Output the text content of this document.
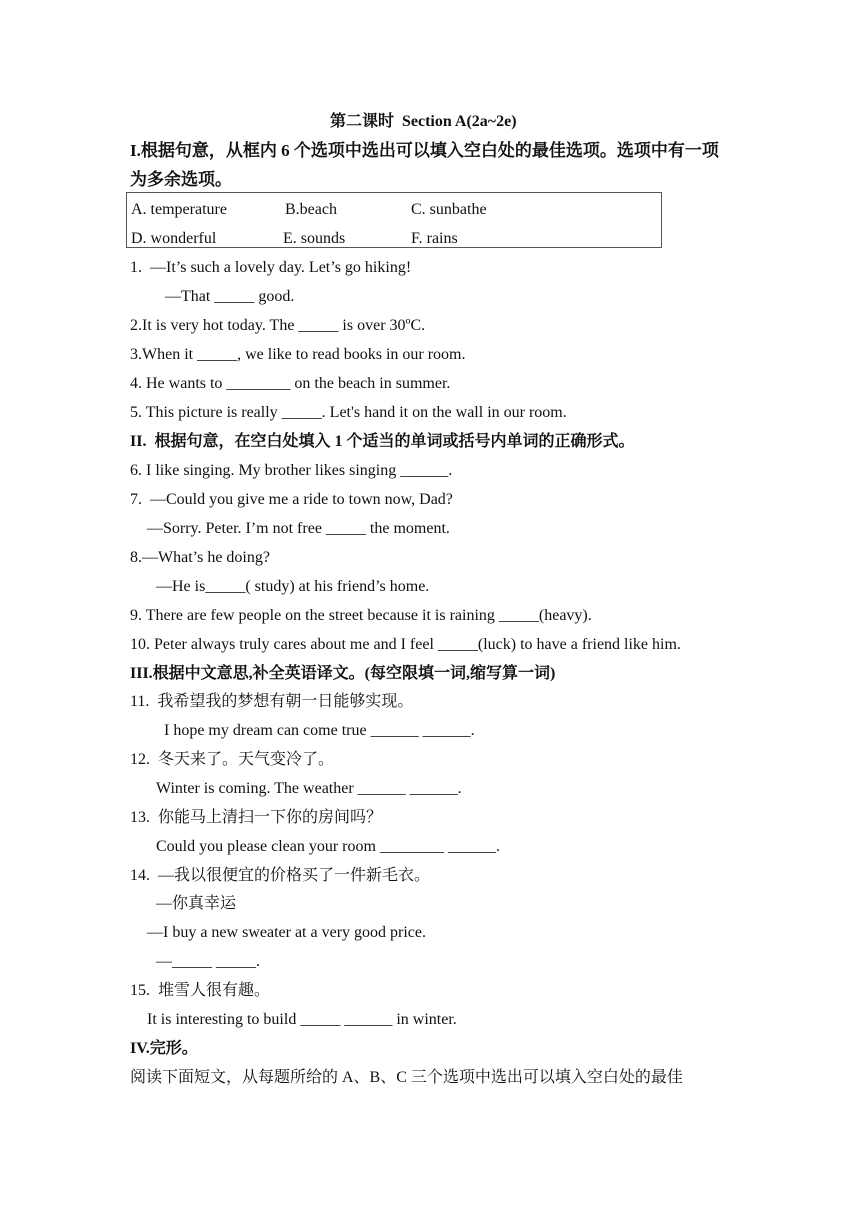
第二课时  Section A(2a~2e)
I.根据句意，从框内 6 个选项中选出可以填入空白处的最佳选项。选项中有一项
为多余选项。
A. temperature	B.beach	C. sunbathe
D. wonderful	E. sounds	F. rains
1.  —It’s such a lovely day. Let’s go hiking!
—That _____ good.
2.It is very hot today. The _____ is over 30ºC.
3.When it _____, we like to read books in our room.
4. He wants to ________ on the beach in summer.
5. This picture is really _____. Let's hand it on the wall in our room.
II.  根据句意，在空白处填入 1 个适当的单词或括号内单词的正确形式。
6. I like singing. My brother likes singing ______.
7.  —Could you give me a ride to town now, Dad?
—Sorry. Peter. I’m not free _____ the moment.
8.—What’s he doing?
—He is_____( study) at his friend’s home.
9. There are few people on the street because it is raining _____(heavy).
10. Peter always truly cares about me and I feel _____(luck) to have a friend like him.
III.根据中文意思,补全英语译文。(每空限填一词,缩写算一词)
11.  我希望我的梦想有朝一日能够实现。
I hope my dream can come true ______ ______.
12.  冬天来了。天气变冷了。
Winter is coming. The weather ______ ______.
13.  你能马上清扫一下你的房间吗？
Could you please clean your room ________ ______.
14.  —我以很便宜的价格买了一件新毛衣。
—你真幸运
—I buy a new sweater at a very good price.
—_____ _____.
15.  堆雪人很有趣。
It is interesting to build _____ ______ in winter.
IV.完形。
阅读下面短文，从每题所给的 A、B、C 三个选项中选出可以填入空白处的最佳
